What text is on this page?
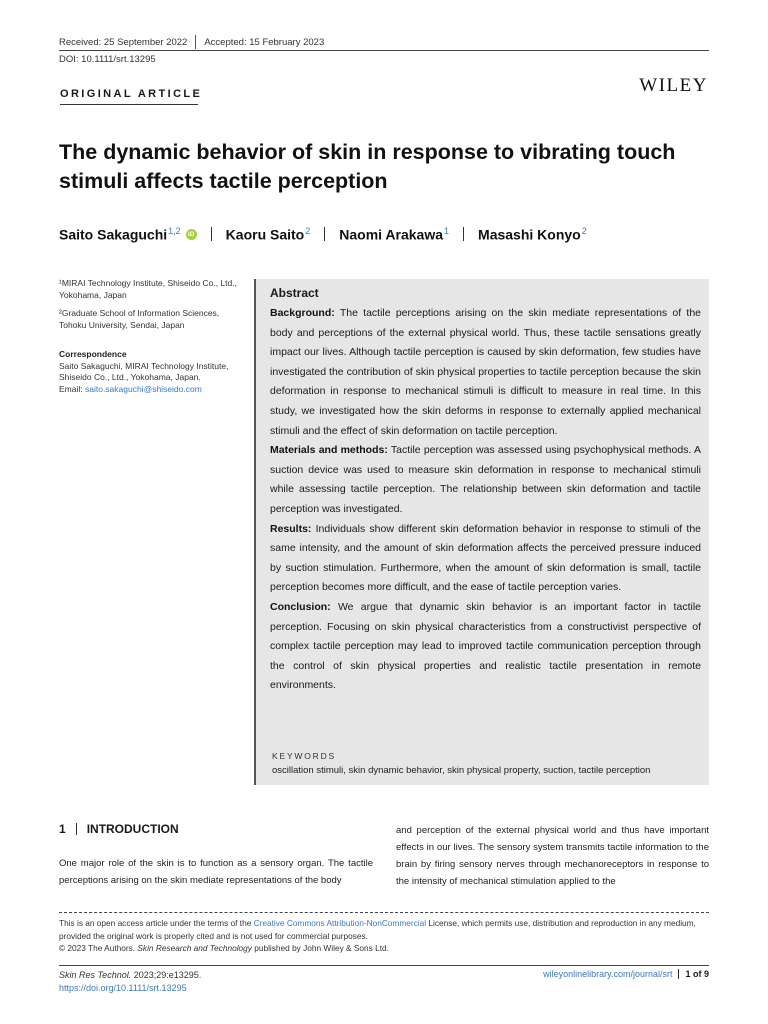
Received: 25 September 2022 Accepted: 15 February 2023
DOI: 10.1111/srt.13295
WILEY
ORIGINAL ARTICLE
The dynamic behavior of skin in response to vibrating touch stimuli affects tactile perception
Saito Sakaguchi$^{1,2}$	iD Kaoru Saito$^2$ Naomi Arakawa$^1$ Masashi Konyo$^2$
¹MIRAI Technology Institute, Shiseido Co., Ltd., Yokohama, Japan
²Graduate School of Information Sciences, Tohoku University, Sendai, Japan
Correspondence
Saito Sakaguchi, MIRAI Technology Institute, Shiseido Co., Ltd., Yokohama, Japan.
Email: saito.sakaguchi@shiseido.com
Abstract

Background: The tactile perceptions arising on the skin mediate representations of the body and perceptions of the external physical world. Thus, these tactile sensations greatly impact our lives. Although tactile perception is caused by skin deformation, few studies have investigated the contribution of skin physical properties to tactile perception because the skin deformation in response to mechanical stimuli is difficult to measure in real time. In this study, we investigated how the skin deforms in response to externally applied mechanical stimuli and the effect of skin deformation on tactile perception.

Materials and methods: Tactile perception was assessed using psychophysical methods. A suction device was used to measure skin deformation in response to mechanical stimuli while assessing tactile perception. The relationship between skin deformation and tactile perception was investigated.

Results: Individuals show different skin deformation behavior in response to stimuli of the same intensity, and the amount of skin deformation affects the perceived pressure induced by suction stimulation. Furthermore, when the amount of skin deformation is small, tactile perception becomes more difficult, and the ease of tactile perception varies.

Conclusion: We argue that dynamic skin behavior is an important factor in tactile perception. Focusing on skin physical characteristics from a constructivist perspective of complex tactile perception may lead to improved tactile communication perception through the control of skin physical properties and realistic tactile presentation in remote environments.

KEYWORDS
oscillation stimuli, skin dynamic behavior, skin physical property, suction, tactile perception
1 INTRODUCTION
One major role of the skin is to function as a sensory organ. The tactile perceptions arising on the skin mediate representations of the body
and perception of the external physical world and thus have important effects in our lives. The sensory system transmits tactile information to the brain by firing sensory nerves through mechanoreceptors in response to the intensity of mechanical stimulation applied to the
This is an open access article under the terms of the Creative Commons Attribution-NonCommercial License, which permits use, distribution and reproduction in any medium, provided the original work is properly cited and is not used for commercial purposes.
© 2023 The Authors. Skin Research and Technology published by John Wiley & Sons Ltd.
Skin Res Technol. 2023;29:e13295.
https://doi.org/10.1111/srt.13295
wileyonlinelibrary.com/journal/srt 1 of 9
